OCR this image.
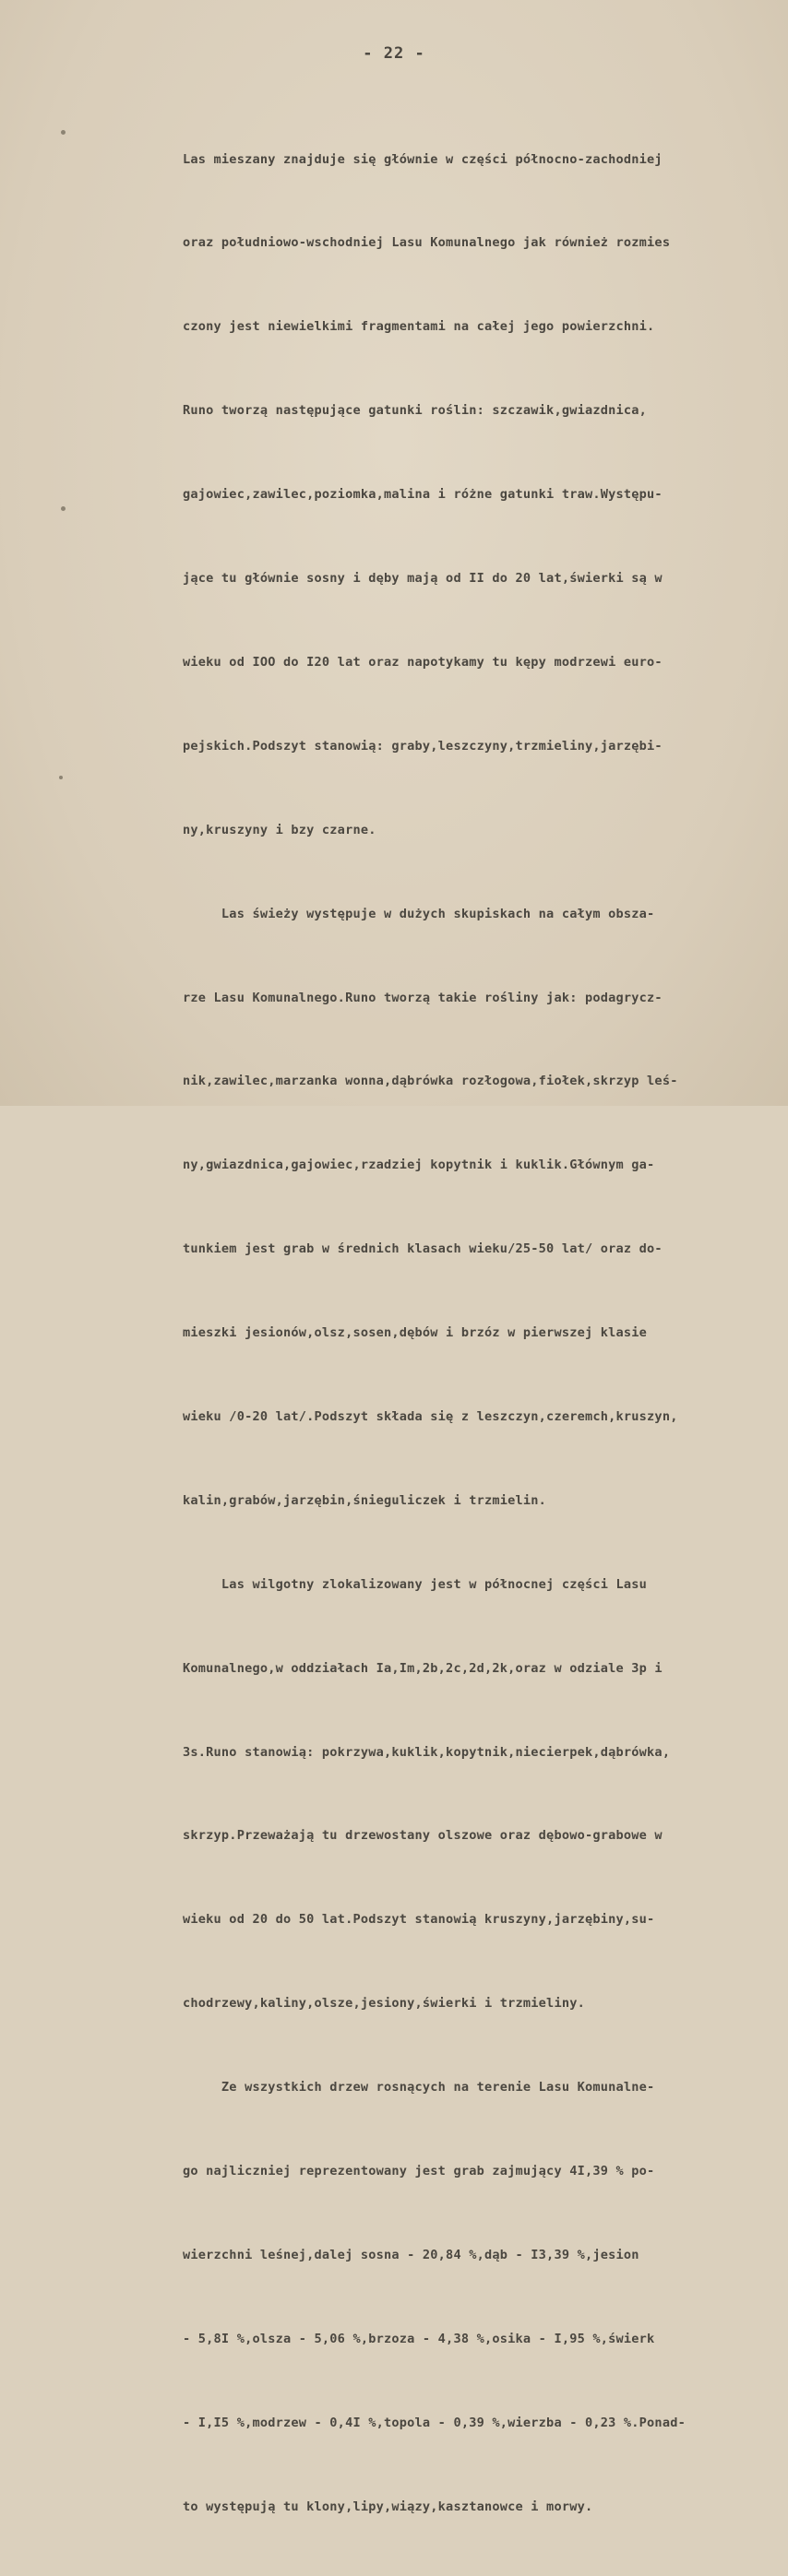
- 22 -

Las mieszany znajduje się głównie w części północno-zachodniej

oraz południowo-wschodniej Lasu Komunalnego jak również rozmies

czony jest niewielkimi fragmentami na całej jego powierzchni.

Runo tworzą następujące gatunki roślin: szczawik,gwiazdnica,

gajowiec,zawilec,poziomka,malina i różne gatunki traw.Występu-

jące tu głównie sosny i dęby mają od II do 20 lat,świerki są w

wieku od IOO do I20 lat oraz napotykamy tu kępy modrzewi euro-

pejskich.Podszyt stanowią: graby,leszczyny,trzmieliny,jarzębi-

ny,kruszyny i bzy czarne.

Las świeży występuje w dużych skupiskach na całym obsza-

rze Lasu Komunalnego.Runo tworzą takie rośliny jak: podagrycz-

nik,zawilec,marzanka wonna,dąbrówka rozłogowa,fiołek,skrzyp leś-

ny,gwiazdnica,gajowiec,rzadziej kopytnik i kuklik.Głównym ga-

tunkiem jest grab w średnich klasach wieku/25-50 lat/ oraz do-

mieszki jesionów,olsz,sosen,dębów i brzóz w pierwszej klasie

wieku /0-20 lat/.Podszyt składa się z leszczyn,czeremch,kruszyn,

kalin,grabów,jarzębin,śnieguliczek i trzmielin.

Las wilgotny zlokalizowany jest w północnej części Lasu

Komunalnego,w oddziałach Ia,Im,2b,2c,2d,2k,oraz w odziale 3p i

3s.Runo stanowią: pokrzywa,kuklik,kopytnik,niecierpek,dąbrówka,

skrzyp.Przeważają tu drzewostany olszowe oraz dębowo-grabowe w

wieku od 20 do 50 lat.Podszyt stanowią kruszyny,jarzębiny,su-

chodrzewy,kaliny,olsze,jesiony,świerki i trzmieliny.

Ze wszystkich drzew rosnących na terenie Lasu Komunalne-

go najliczniej reprezentowany jest grab zajmujący 4I,39 % po-

wierzchni leśnej,dalej sosna - 20,84 %,dąb - I3,39 %,jesion

- 5,8I %,olsza - 5,06 %,brzoza - 4,38 %,osika - I,95 %,świerk

- I,I5 %,modrzew - 0,4I %,topola - 0,39 %,wierzba - 0,23 %.Ponad-

to występują tu klony,lipy,wiązy,kasztanowce i morwy.
